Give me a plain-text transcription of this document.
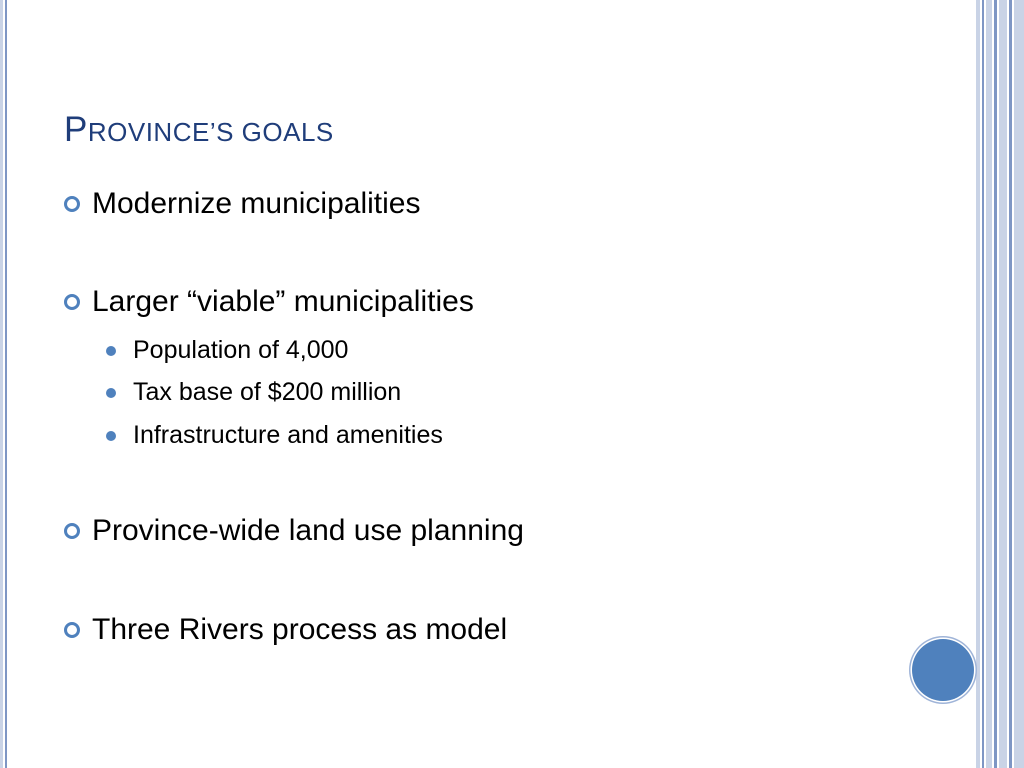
PROVINCE’S GOALS
Modernize municipalities
Larger “viable” municipalities
Population of 4,000
Tax base of $200 million
Infrastructure and amenities
Province-wide land use planning
Three Rivers process as model
